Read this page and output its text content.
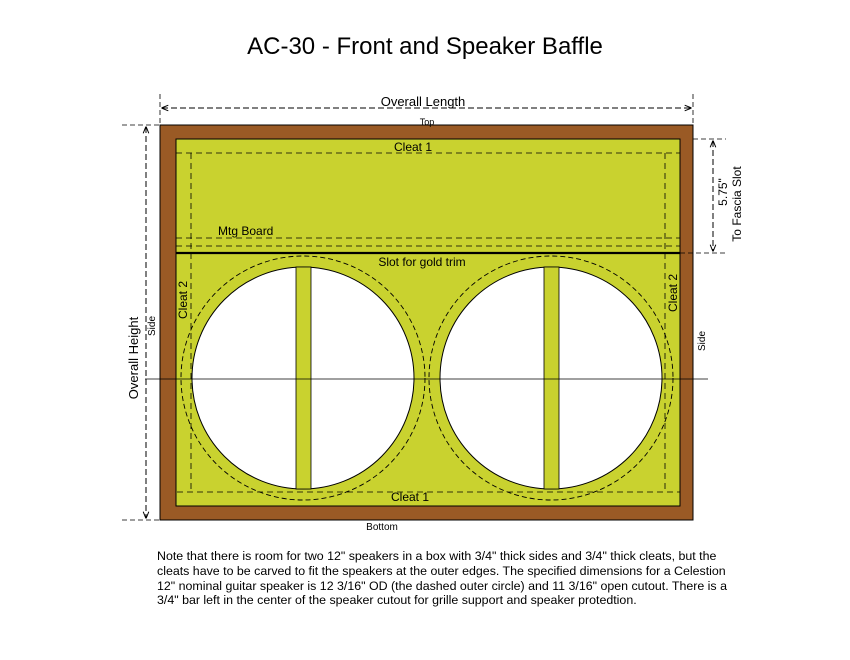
AC-30 - Front and Speaker Baffle
Overall Length
Overall Height
5.75" To Fascia Slot
Top
Bottom
Side
Side
Cleat 1
Cleat 1
Cleat 2	Cleat 2
Mtg Board
Slot for gold trim

Note that there is room for two 12" speakers in a box with 3/4" thick sides and 3/4" thick cleats, but the cleats have to be carved to fit the speakers at the outer edges. The specified dimensions for a Celestion 12" nominal guitar speaker is 12 3/16" OD (the dashed outer circle) and 11 3/16" open cutout. There is a 3/4" bar left in the center of the speaker cutout for grille support and speaker protedtion.
